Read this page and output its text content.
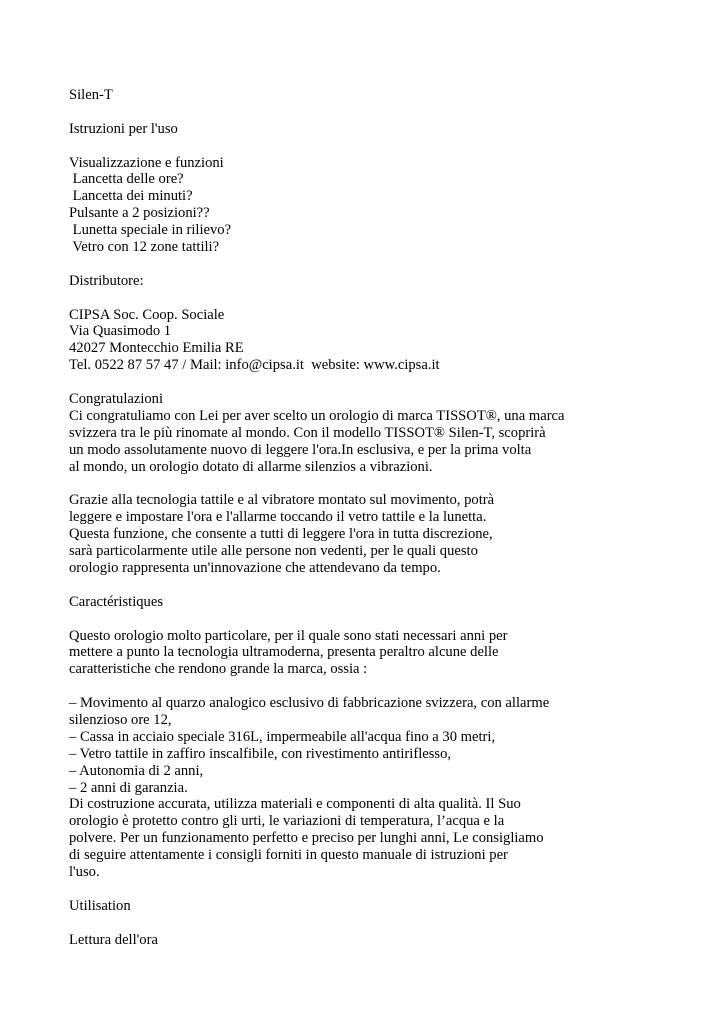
Silen-T
Istruzioni per l'uso
Visualizzazione e funzioni
Lancetta delle ore?
Lancetta dei minuti?
Pulsante a 2 posizioni??
Lunetta speciale in rilievo?
Vetro con 12 zone tattili?
Distributore:
CIPSA Soc. Coop. Sociale
Via Quasimodo 1
42027 Montecchio Emilia RE
Tel. 0522 87 57 47 / Mail: info@cipsa.it  website: www.cipsa.it
Congratulazioni
Ci congratuliamo con Lei per aver scelto un orologio di marca TISSOT®, una marca
svizzera tra le più rinomate al mondo. Con il modello TISSOT® Silen-T, scoprirà
un modo assolutamente nuovo di leggere l'ora.In esclusiva, e per la prima volta
al mondo, un orologio dotato di allarme silenzios a vibrazioni.
Grazie alla tecnologia tattile e al vibratore montato sul movimento, potrà
leggere e impostare l'ora e l'allarme toccando il vetro tattile e la lunetta.
Questa funzione, che consente a tutti di leggere l'ora in tutta discrezione,
sarà particolarmente utile alle persone non vedenti, per le quali questo
orologio rappresenta un'innovazione che attendevano da tempo.
Caractéristiques
Questo orologio molto particolare, per il quale sono stati necessari anni per
mettere a punto la tecnologia ultramoderna, presenta peraltro alcune delle
caratteristiche che rendono grande la marca, ossia :
– Movimento al quarzo analogico esclusivo di fabbricazione svizzera, con allarme
silenzioso ore 12,
– Cassa in acciaio speciale 316L, impermeabile all'acqua fino a 30 metri,
– Vetro tattile in zaffiro inscalfibile, con rivestimento antiriflesso,
– Autonomia di 2 anni,
– 2 anni di garanzia.
Di costruzione accurata, utilizza materiali e componenti di alta qualità. Il Suo
orologio è protetto contro gli urti, le variazioni di temperatura, l’acqua e la
polvere. Per un funzionamento perfetto e preciso per lunghi anni, Le consigliamo
di seguire attentamente i consigli forniti in questo manuale di istruzioni per
l'uso.
Utilisation
Lettura dell'ora
